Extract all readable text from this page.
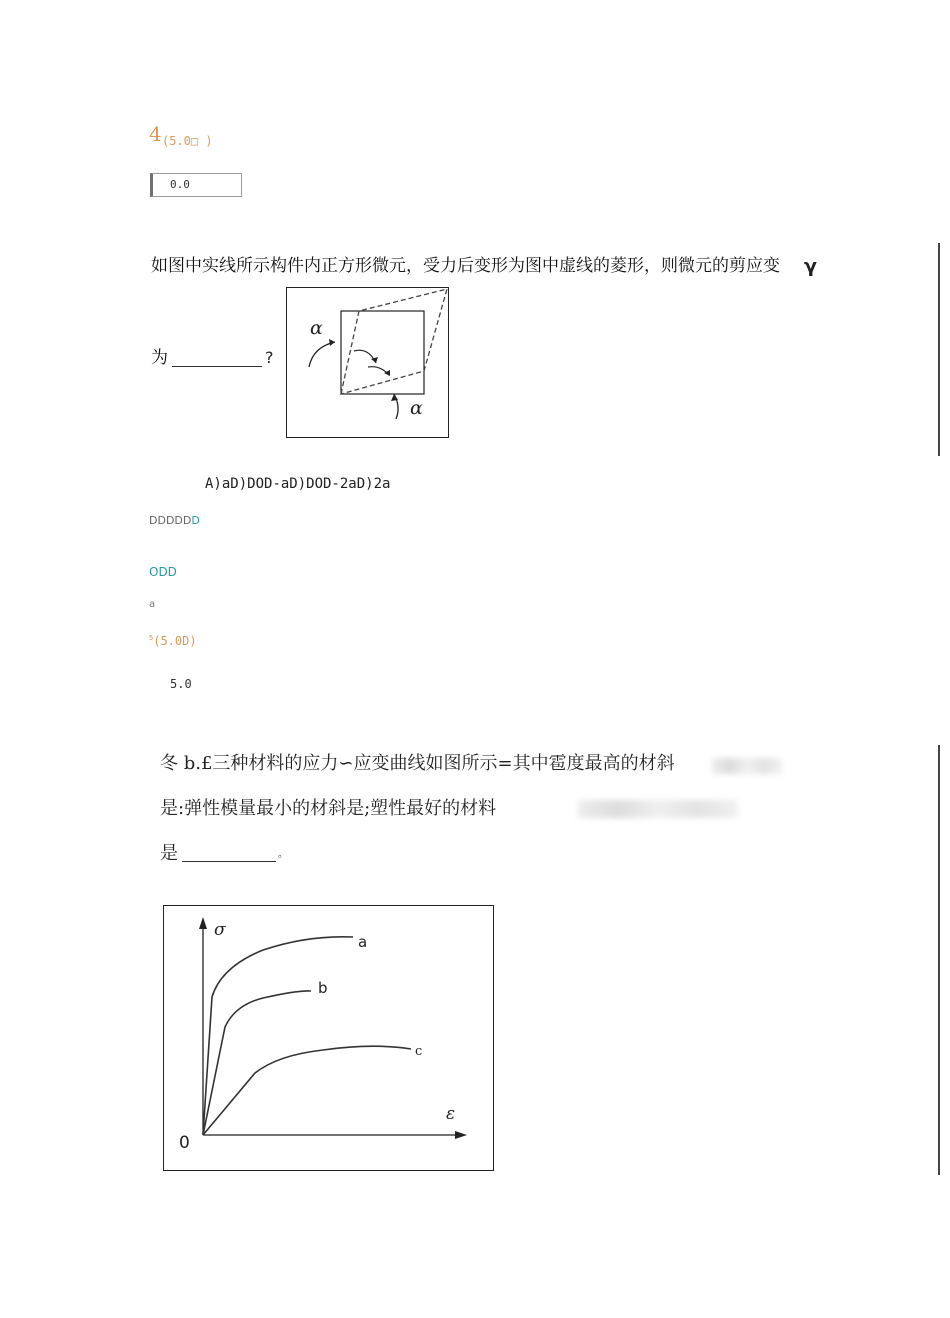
4 (5.0□ )
0.0
如图中实线所示构件内正方形微元，受力后变形为图中虚线的菱形，则微元的剪应变 γ
为	?
α
α
A)aD)DOD-aD)DOD-2aD)2a
DDDDDD
ODD
a
$^5$(5.0D)
5.0
冬 b.£三种材料的应力∽应变曲线如图所示=其中雹度最高的材斜
是:弹性模量最小的材斜是;塑性最好的材料
是	。
σ
ε
0
a
b
c
